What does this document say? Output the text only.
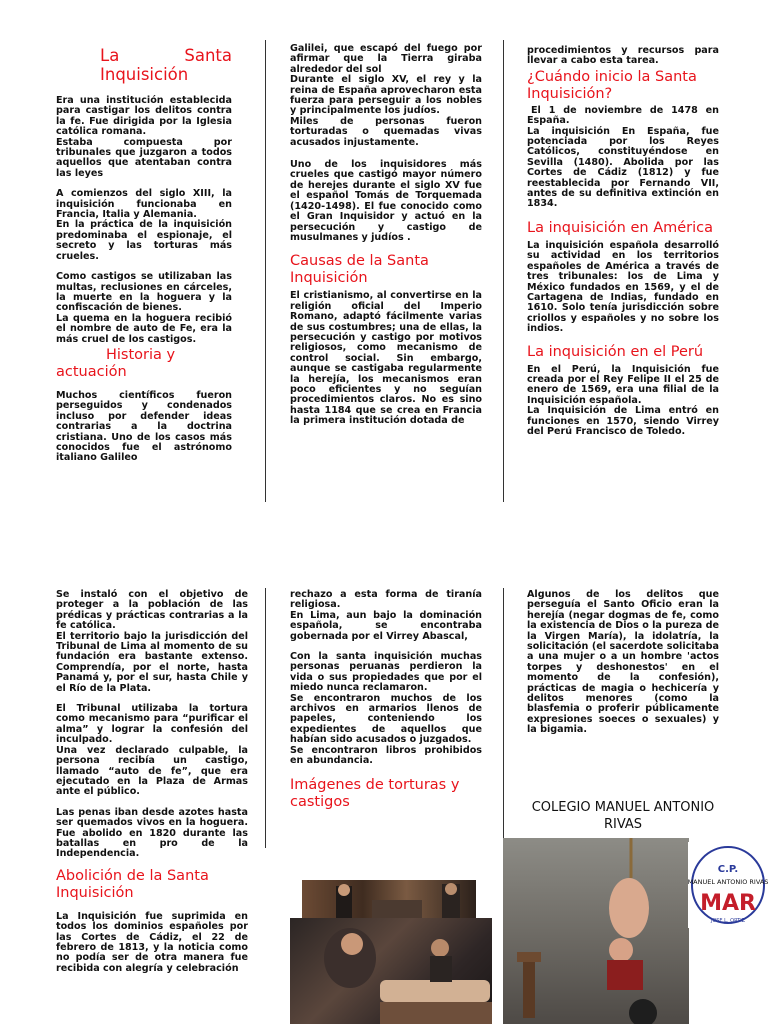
La Santa Inquisición

Era una institución establecida para castigar los delitos contra la fe. Fue dirigida por la Iglesia católica romana.

Estaba compuesta por tribunales que juzgaron a todos aquellos que atentaban contra las leyes

A comienzos del siglo XIII, la inquisición funcionaba en Francia, Italia y Alemania.

En la práctica de la inquisición predominaba el espionaje, el secreto y las torturas más crueles.

Como castigos se utilizaban las multas, reclusiones en cárceles, la muerte en la hoguera y la confiscación de bienes.

La quema en la hoguera recibió el nombre de auto de Fe, era la más cruel de los castigos.

Historia y actuación

Muchos científicos fueron perseguidos y condenados incluso por defender ideas contrarias a la doctrina cristiana. Uno de los casos más conocidos fue el astrónomo italiano Galileo

Galilei, que escapó del fuego por afirmar que la Tierra giraba alrededor del sol

Durante el siglo XV, el rey y la reina de España aprovecharon esta fuerza para perseguir a los nobles y principalmente los judíos.

Miles de personas fueron torturadas o quemadas vivas acusados injustamente.

Uno de los inquisidores más crueles que castigó mayor número de herejes durante el siglo XV fue el español Tomás de Torquemada (1420-1498). El fue conocido como el Gran Inquisidor y actuó en la persecución y castigo de musulmanes y judíos .

Causas de la Santa Inquisición

El cristianismo, al convertirse en la religión oficial del Imperio Romano, adaptó fácilmente varias de sus costumbres; una de ellas, la persecución y castigo por motivos religiosos, como mecanismo de control social. Sin embargo, aunque se castigaba regularmente la herejía, los mecanismos eran poco eficientes y no seguían procedimientos claros. No es sino hasta 1184 que se crea en Francia la primera institución dotada de

procedimientos y recursos para llevar a cabo esta tarea.

¿Cuándo inicio la Santa Inquisición?

El 1 de noviembre de 1478 en España.

La inquisición En España, fue potenciada por los Reyes Católicos, constituyéndose en Sevilla (1480). Abolida por las Cortes de Cádiz (1812) y fue reestablecida por Fernando VII, antes de su definitiva extinción en 1834.

La inquisición en América

La inquisición española desarrolló su actividad en los territorios españoles de América a través de tres tribunales: los de Lima y México fundados en 1569, y el de Cartagena de Indias, fundado en 1610. Solo tenía jurisdicción sobre criollos y españoles y no sobre los indios.

La inquisición en el Perú

En el Perú, la Inquisición fue creada por el Rey Felipe II el 25 de enero de 1569, era una filial de la Inquisición española.

La Inquisición de Lima entró en funciones en 1570, siendo Virrey del Perú Francisco de Toledo.

Se instaló con el objetivo de proteger a la población de las prédicas y prácticas contrarias a la fe católica.

El territorio bajo la jurisdicción del Tribunal de Lima al momento de su fundación era bastante extenso. Comprendía, por el norte, hasta Panamá y, por el sur, hasta Chile y el Río de la Plata.

El Tribunal utilizaba la tortura como mecanismo para “purificar el alma” y lograr la confesión del inculpado.

Una vez declarado culpable, la persona recibía un castigo, llamado “auto de fe”, que era ejecutado en la Plaza de Armas ante el público.

Las penas iban desde azotes hasta ser quemados vivos en la hoguera. Fue abolido en 1820 durante las batallas en pro de la Independencia.

Abolición de la Santa Inquisición

La Inquisición fue suprimida en todos los dominios españoles por las Cortes de Cádiz, el 22 de febrero de 1813, y la noticia como no podía ser de otra manera fue recibida con alegría y celebración

rechazo a esta forma de tiranía religiosa.

En Lima, aun bajo la dominación española, se encontraba gobernada por el Virrey Abascal,

Con la santa inquisición muchas personas peruanas perdieron la vida o sus propiedades que por el miedo nunca reclamaron.

Se encontraron muchos de los archivos en armarios llenos de papeles, conteniendo los expedientes de aquellos que habían sido acusados o juzgados.

Se encontraron libros prohibidos en abundancia.

Imágenes de torturas y castigos

Algunos de los delitos que perseguía el Santo Oficio eran la herejía (negar dogmas de fe, como la existencia de Dios o la pureza de la Virgen María), la idolatría, la solicitación (el sacerdote solicitaba a una mujer o a un hombre 'actos torpes y deshonestos' en el momento de la confesión), prácticas de magia o hechicería y delitos menores (como la blasfemia o proferir públicamente expresiones soeces o sexuales) y la bigamia.

COLEGIO MANUEL ANTONIO RIVAS
C.P.
MANUEL ANTONIO RIVAS
MAR
JOSE L. ORTIZ
